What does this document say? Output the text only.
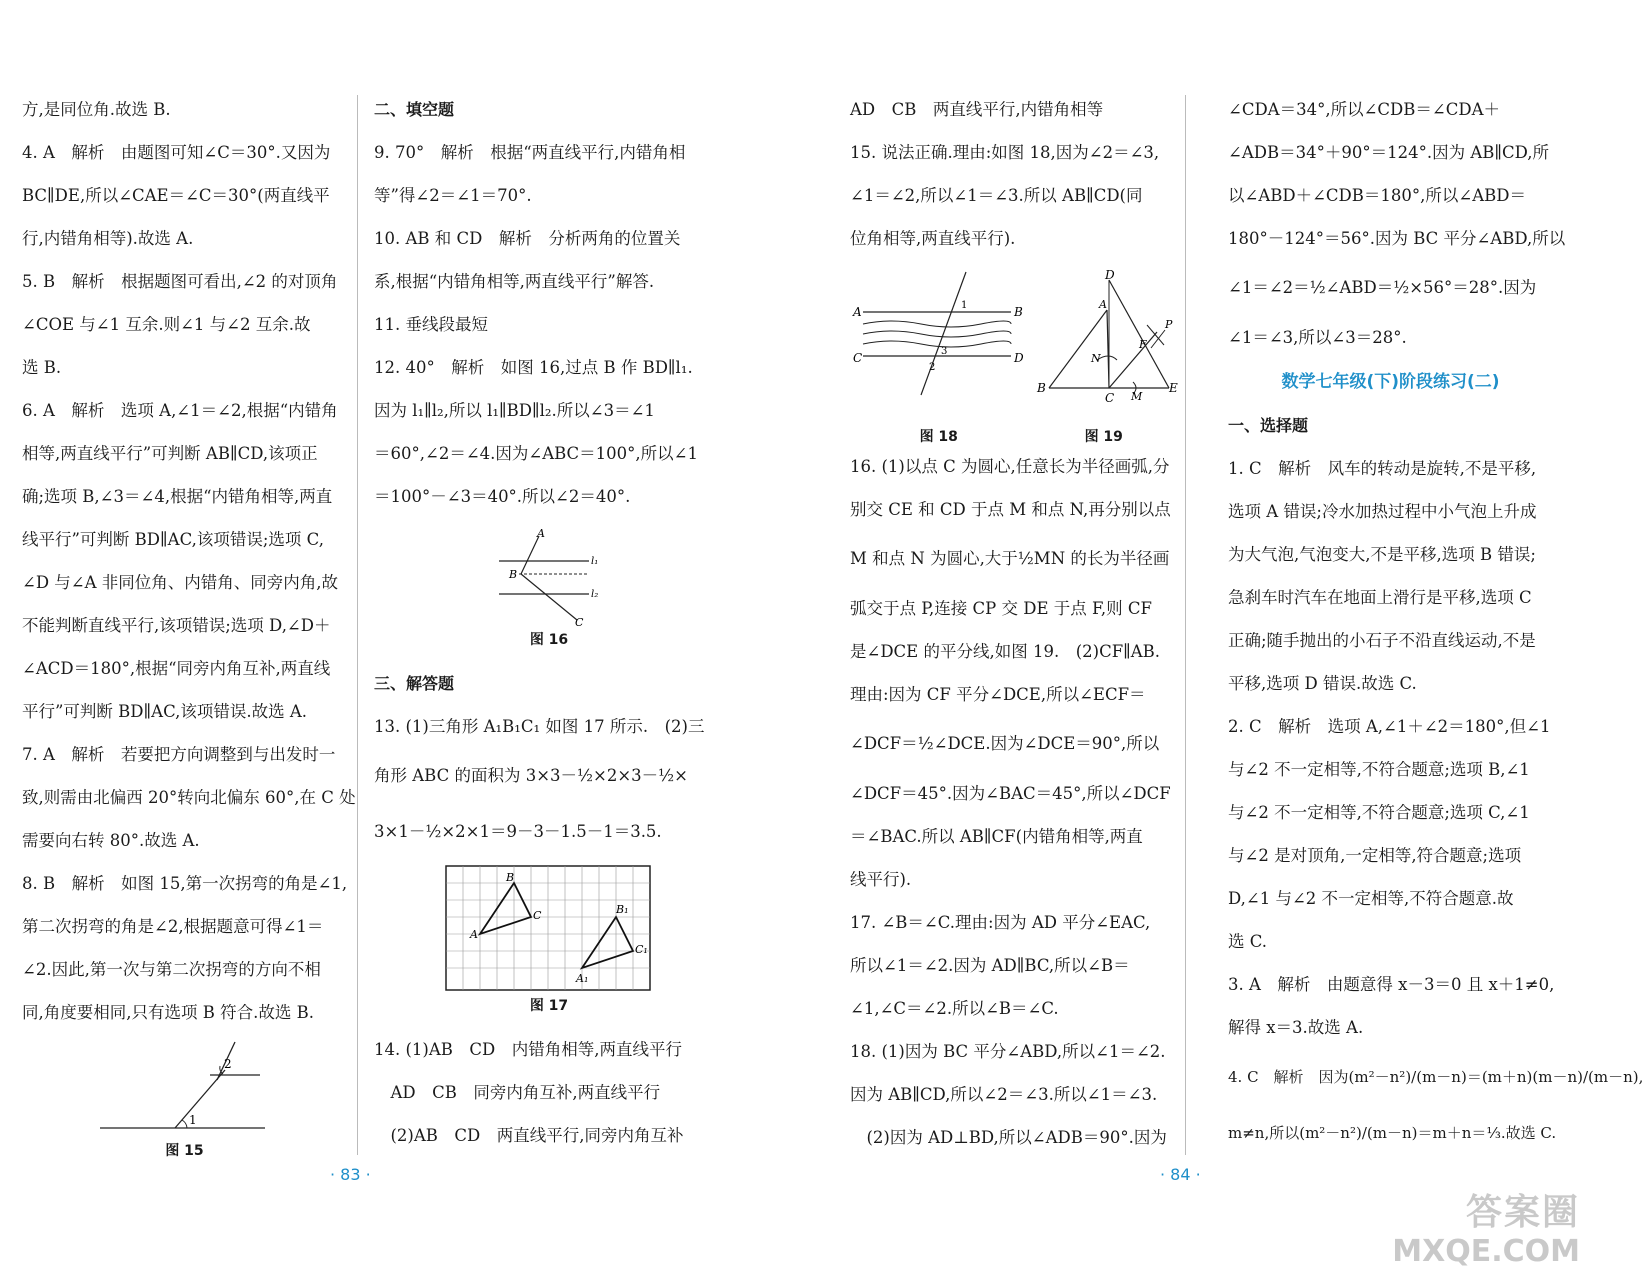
方,是同位角.故选 B.

4. A　解析　由题图可知∠C＝30°.又因为

BC∥DE,所以∠CAE＝∠C＝30°(两直线平

行,内错角相等).故选 A.

5. B　解析　根据题图可看出,∠2 的对顶角

∠COE 与∠1 互余.则∠1 与∠2 互余.故

选 B.

6. A　解析　选项 A,∠1＝∠2,根据“内错角

相等,两直线平行”可判断 AB∥CD,该项正

确;选项 B,∠3＝∠4,根据“内错角相等,两直

线平行”可判断 BD∥AC,该项错误;选项 C,

∠D 与∠A 非同位角、内错角、同旁内角,故

不能判断直线平行,该项错误;选项 D,∠D＋

∠ACD＝180°,根据“同旁内角互补,两直线

平行”可判断 BD∥AC,该项错误.故选 A.

7. A　解析　若要把方向调整到与出发时一

致,则需由北偏西 20°转向北偏东 60°,在 C 处

需要向右转 80°.故选 A.

8. B　解析　如图 15,第一次拐弯的角是∠1,

第二次拐弯的角是∠2,根据题意可得∠1＝

∠2.因此,第一次与第二次拐弯的方向不相

同,角度要相同,只有选项 B 符合.故选 B.

2
1

图 15

二、填空题

9. 70°　解析　根据“两直线平行,内错角相

等”得∠2＝∠1＝70°.

10. AB 和 CD　解析　分析两角的位置关

系,根据“内错角相等,两直线平行”解答.

11. 垂线段最短

12. 40°　解析　如图 16,过点 B 作 BD∥l₁.

因为 l₁∥l₂,所以 l₁∥BD∥l₂.所以∠3＝∠1

＝60°,∠2＝∠4.因为∠ABC＝100°,所以∠1

＝100°－∠3＝40°.所以∠2＝40°.

A
B
C
l₁
l₂

图 16

三、解答题

13. (1)三角形 A₁B₁C₁ 如图 17 所示.　(2)三

角形 ABC 的面积为 3×3－½×2×3－½×

3×1－½×2×1＝9－3－1.5－1＝3.5.

A
B
C
A₁
B₁
C₁

图 17

14. (1)AB　CD　内错角相等,两直线平行

　AD　CB　同旁内角互补,两直线平行

　(2)AB　CD　两直线平行,同旁内角互补

AD　CB　两直线平行,内错角相等

15. 说法正确.理由:如图 18,因为∠2＝∠3,

∠1＝∠2,所以∠1＝∠3.所以 AB∥CD(同

位角相等,两直线平行).

A	B
C	D
1
2
3

图 18

D
A
B
C
E
F
P
N
M

图 19

16. (1)以点 C 为圆心,任意长为半径画弧,分

别交 CE 和 CD 于点 M 和点 N,再分别以点

M 和点 N 为圆心,大于½MN 的长为半径画

弧交于点 P,连接 CP 交 DE 于点 F,则 CF

是∠DCE 的平分线,如图 19.　(2)CF∥AB.

理由:因为 CF 平分∠DCE,所以∠ECF＝

∠DCF＝½∠DCE.因为∠DCE＝90°,所以

∠DCF＝45°.因为∠BAC＝45°,所以∠DCF

＝∠BAC.所以 AB∥CF(内错角相等,两直

线平行).

17. ∠B＝∠C.理由:因为 AD 平分∠EAC,

所以∠1＝∠2.因为 AD∥BC,所以∠B＝

∠1,∠C＝∠2.所以∠B＝∠C.

18. (1)因为 BC 平分∠ABD,所以∠1＝∠2.

因为 AB∥CD,所以∠2＝∠3.所以∠1＝∠3.

　(2)因为 AD⊥BD,所以∠ADB＝90°.因为

∠CDA＝34°,所以∠CDB＝∠CDA＋

∠ADB＝34°＋90°＝124°.因为 AB∥CD,所

以∠ABD＋∠CDB＝180°,所以∠ABD＝

180°－124°＝56°.因为 BC 平分∠ABD,所以

∠1＝∠2＝½∠ABD＝½×56°＝28°.因为

∠1＝∠3,所以∠3＝28°.

数学七年级(下)阶段练习(二)

一、选择题

1. C　解析　风车的转动是旋转,不是平移,

选项 A 错误;冷水加热过程中小气泡上升成

为大气泡,气泡变大,不是平移,选项 B 错误;

急刹车时汽车在地面上滑行是平移,选项 C

正确;随手抛出的小石子不沿直线运动,不是

平移,选项 D 错误.故选 C.

2. C　解析　选项 A,∠1＋∠2＝180°,但∠1

与∠2 不一定相等,不符合题意;选项 B,∠1

与∠2 不一定相等,不符合题意;选项 C,∠1

与∠2 是对顶角,一定相等,符合题意;选项

D,∠1 与∠2 不一定相等,不符合题意.故

选 C.

3. A　解析　由题意得 x－3＝0 且 x＋1≠0,

解得 x＝3.故选 A.

4. C　解析　因为(m²－n²)/(m－n)＝(m＋n)(m－n)/(m－n),

m≠n,所以(m²－n²)/(m－n)＝m＋n＝⅓.故选 C.

· 83 ·	· 84 ·
答案圈
MXQE.COM
